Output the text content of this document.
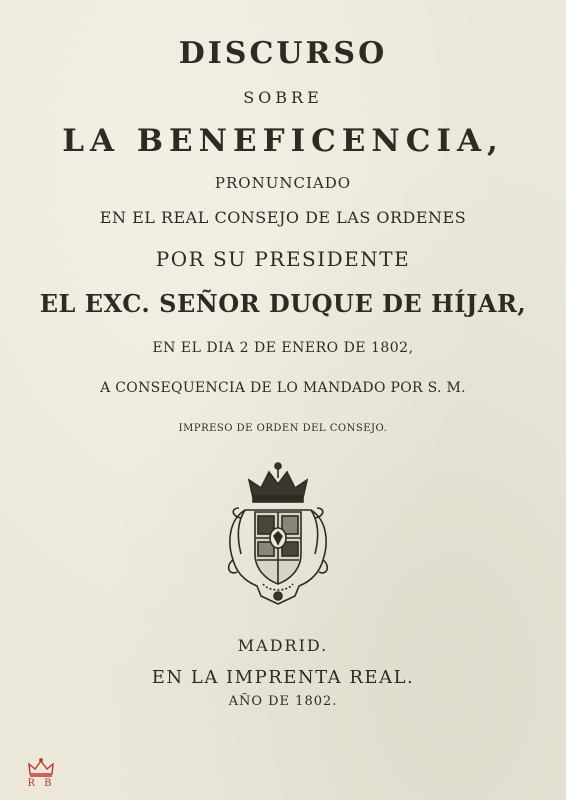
DISCURSO
SOBRE
LA BENEFICENCIA,
PRONUNCIADO
EN EL REAL CONSEJO DE LAS ORDENES
POR SU PRESIDENTE
EL EXC. SEÑOR DUQUE DE HÍJAR,
EN EL DIA 2 DE ENERO DE 1802,
A CONSEQUENCIA DE LO MANDADO POR S. M.
IMPRESO DE ORDEN DEL CONSEJO.
MADRID.
EN LA IMPRENTA REAL.
AÑO DE 1802.
R B
